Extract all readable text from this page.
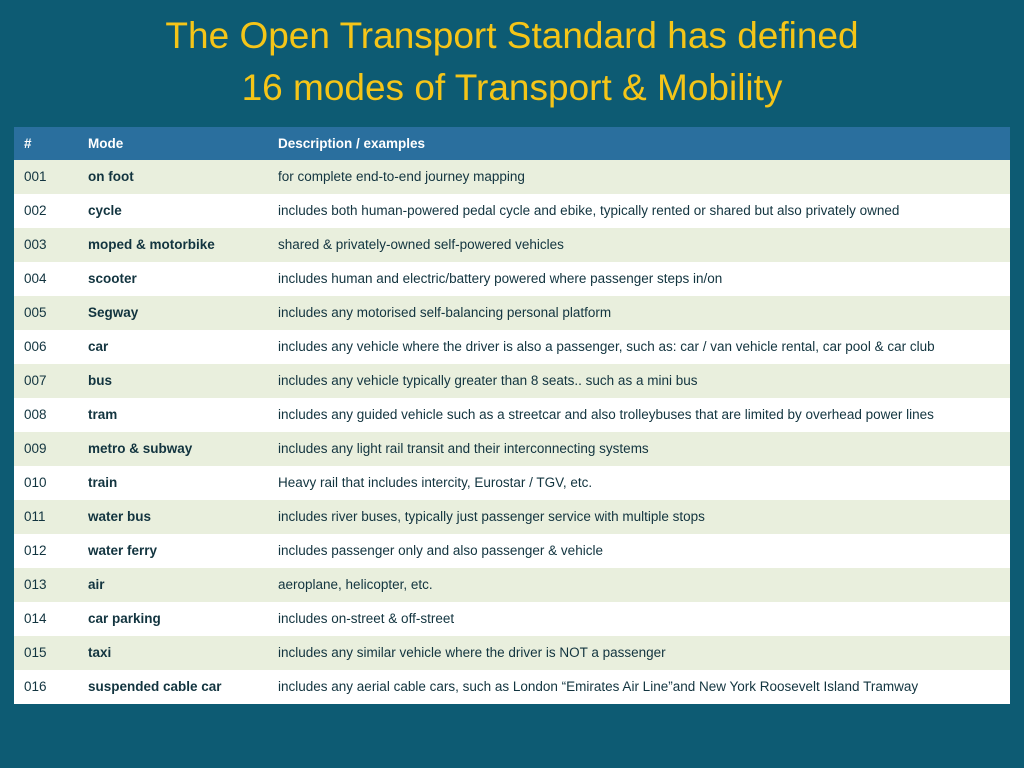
The Open Transport Standard has defined
16 modes of Transport & Mobility
#	Mode	Description / examples
001	on foot	for complete end-to-end journey mapping
002	cycle	includes both human-powered pedal cycle and ebike, typically rented or shared but also privately owned
003	moped & motorbike	shared & privately-owned self-powered vehicles
004	scooter	includes human and electric/battery powered where passenger steps in/on
005	Segway	includes any motorised self-balancing personal platform
006	car	includes any vehicle where the driver is also a passenger, such as: car / van vehicle rental, car pool & car club
007	bus	includes any vehicle typically greater than 8 seats.. such as a mini bus
008	tram	includes any guided vehicle such as a streetcar and also trolleybuses that are limited by overhead power lines
009	metro & subway	includes any light rail transit and their interconnecting systems
010	train	Heavy rail that includes intercity, Eurostar / TGV, etc.
011	water bus	includes river buses, typically just passenger service with multiple stops
012	water ferry	includes passenger only and also passenger & vehicle
013	air	aeroplane, helicopter, etc.
014	car parking	includes on-street & off-street
015	taxi	includes any similar vehicle where the driver is NOT a passenger
016	suspended cable car	includes any aerial cable cars, such as London “Emirates Air Line”and New York Roosevelt Island Tramway
